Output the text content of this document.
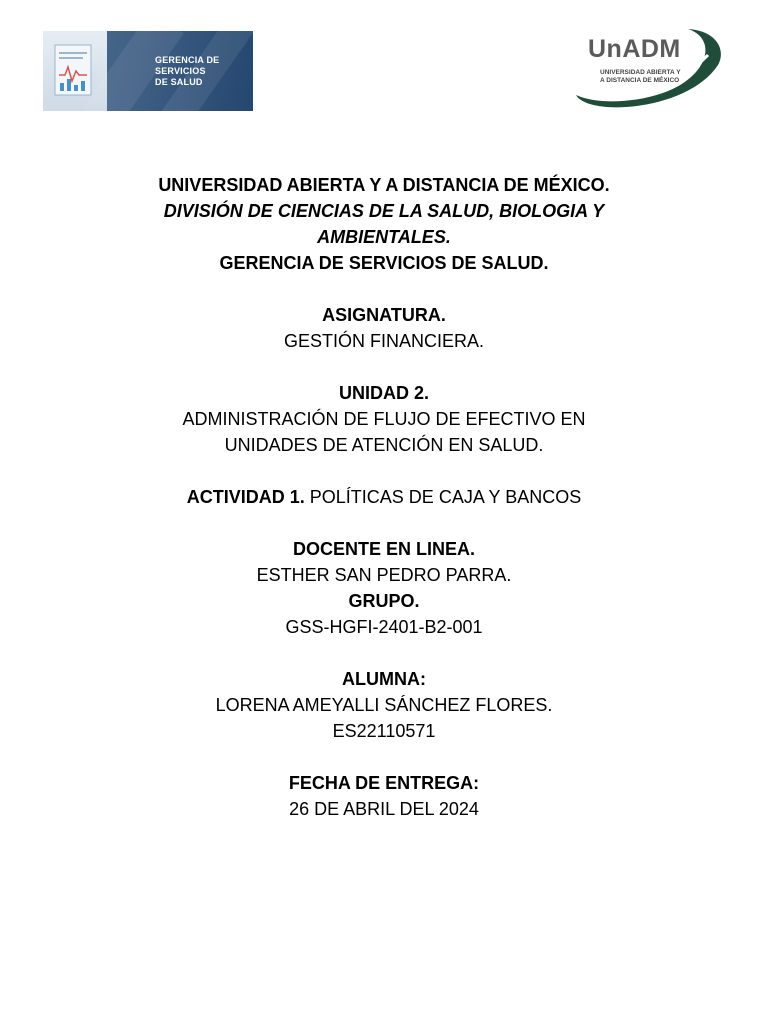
GERENCIA DE
SERVICIOS
DE SALUD
UnADM
UNIVERSIDAD ABIERTA Y
A DISTANCIA DE MÉXICO
UNIVERSIDAD ABIERTA Y A DISTANCIA DE MÉXICO.
DIVISIÓN DE CIENCIAS DE LA SALUD, BIOLOGIA Y
AMBIENTALES.
GERENCIA DE SERVICIOS DE SALUD.
ASIGNATURA.
GESTIÓN FINANCIERA.
UNIDAD 2.
ADMINISTRACIÓN DE FLUJO DE EFECTIVO EN
UNIDADES DE ATENCIÓN EN SALUD.
ACTIVIDAD 1. POLÍTICAS DE CAJA Y BANCOS
DOCENTE EN LINEA.
ESTHER SAN PEDRO PARRA.
GRUPO.
GSS-HGFI-2401-B2-001
ALUMNA:
LORENA AMEYALLI SÁNCHEZ FLORES.
ES22110571
FECHA DE ENTREGA:
26 DE ABRIL DEL 2024
